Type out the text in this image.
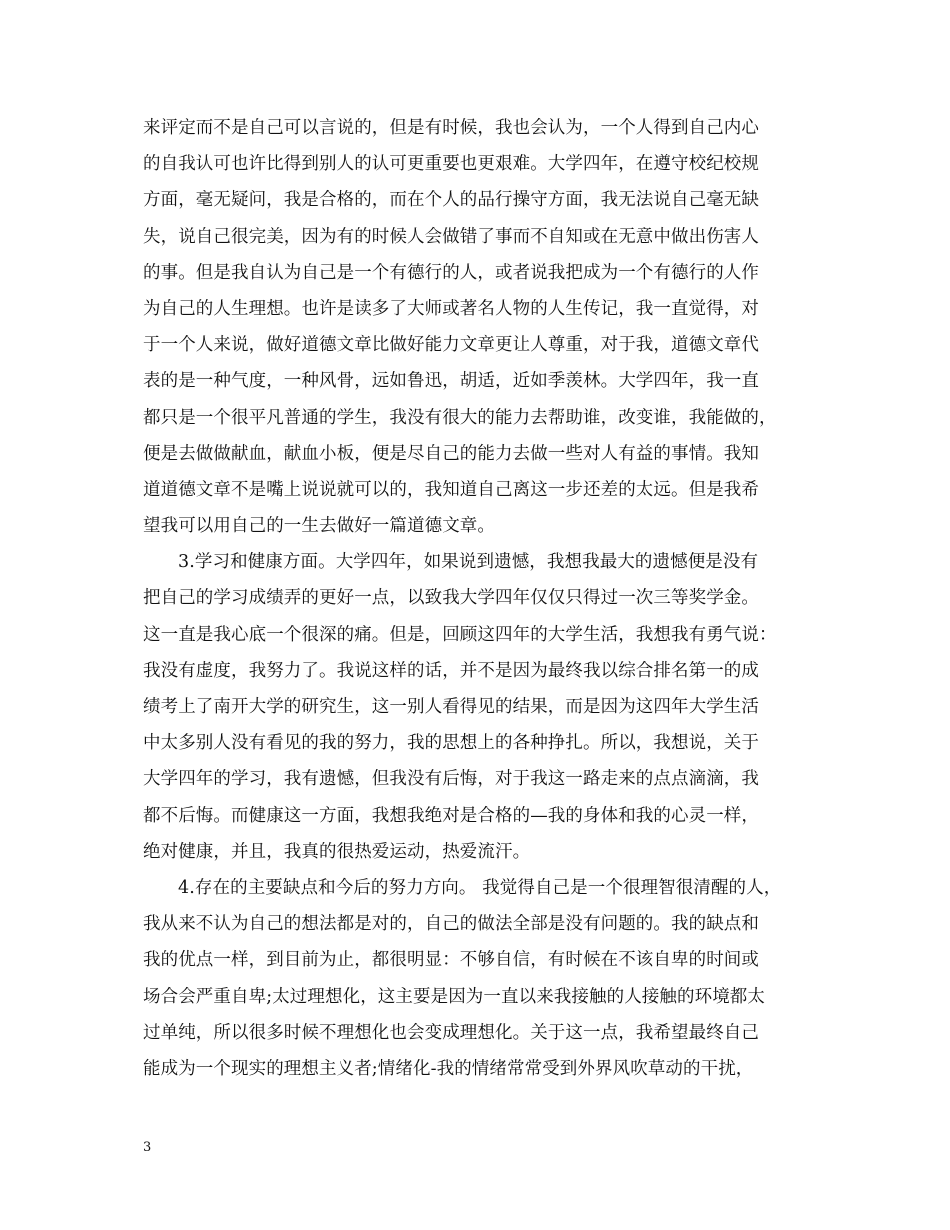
来评定而不是自己可以言说的，但是有时候，我也会认为，一个人得到自己内心
的自我认可也许比得到别人的认可更重要也更艰难。大学四年，在遵守校纪校规
方面，毫无疑问，我是合格的，而在个人的品行操守方面，我无法说自己毫无缺
失，说自己很完美，因为有的时候人会做错了事而不自知或在无意中做出伤害人
的事。但是我自认为自己是一个有德行的人，或者说我把成为一个有德行的人作
为自己的人生理想。也许是读多了大师或著名人物的人生传记，我一直觉得，对
于一个人来说，做好道德文章比做好能力文章更让人尊重，对于我，道德文章代
表的是一种气度，一种风骨，远如鲁迅，胡适，近如季羡林。大学四年，我一直
都只是一个很平凡普通的学生，我没有很大的能力去帮助谁，改变谁，我能做的，
便是去做做献血，献血小板，便是尽自己的能力去做一些对人有益的事情。我知
道道德文章不是嘴上说说就可以的，我知道自己离这一步还差的太远。但是我希
望我可以用自己的一生去做好一篇道德文章。
3.学习和健康方面。大学四年，如果说到遗憾，我想我最大的遗憾便是没有
把自己的学习成绩弄的更好一点，以致我大学四年仅仅只得过一次三等奖学金。
这一直是我心底一个很深的痛。但是，回顾这四年的大学生活，我想我有勇气说：
我没有虚度，我努力了。我说这样的话，并不是因为最终我以综合排名第一的成
绩考上了南开大学的研究生，这一别人看得见的结果，而是因为这四年大学生活
中太多别人没有看见的我的努力，我的思想上的各种挣扎。所以，我想说，关于
大学四年的学习，我有遗憾，但我没有后悔，对于我这一路走来的点点滴滴，我
都不后悔。而健康这一方面，我想我绝对是合格的—我的身体和我的心灵一样，
绝对健康，并且，我真的很热爱运动，热爱流汗。
4.存在的主要缺点和今后的努力方向。 我觉得自己是一个很理智很清醒的人，
我从来不认为自己的想法都是对的，自己的做法全部是没有问题的。我的缺点和
我的优点一样，到目前为止，都很明显：不够自信，有时候在不该自卑的时间或
场合会严重自卑;太过理想化，这主要是因为一直以来我接触的人接触的环境都太
过单纯，所以很多时候不理想化也会变成理想化。关于这一点，我希望最终自己
能成为一个现实的理想主义者;情绪化-我的情绪常常受到外界风吹草动的干扰，
3
